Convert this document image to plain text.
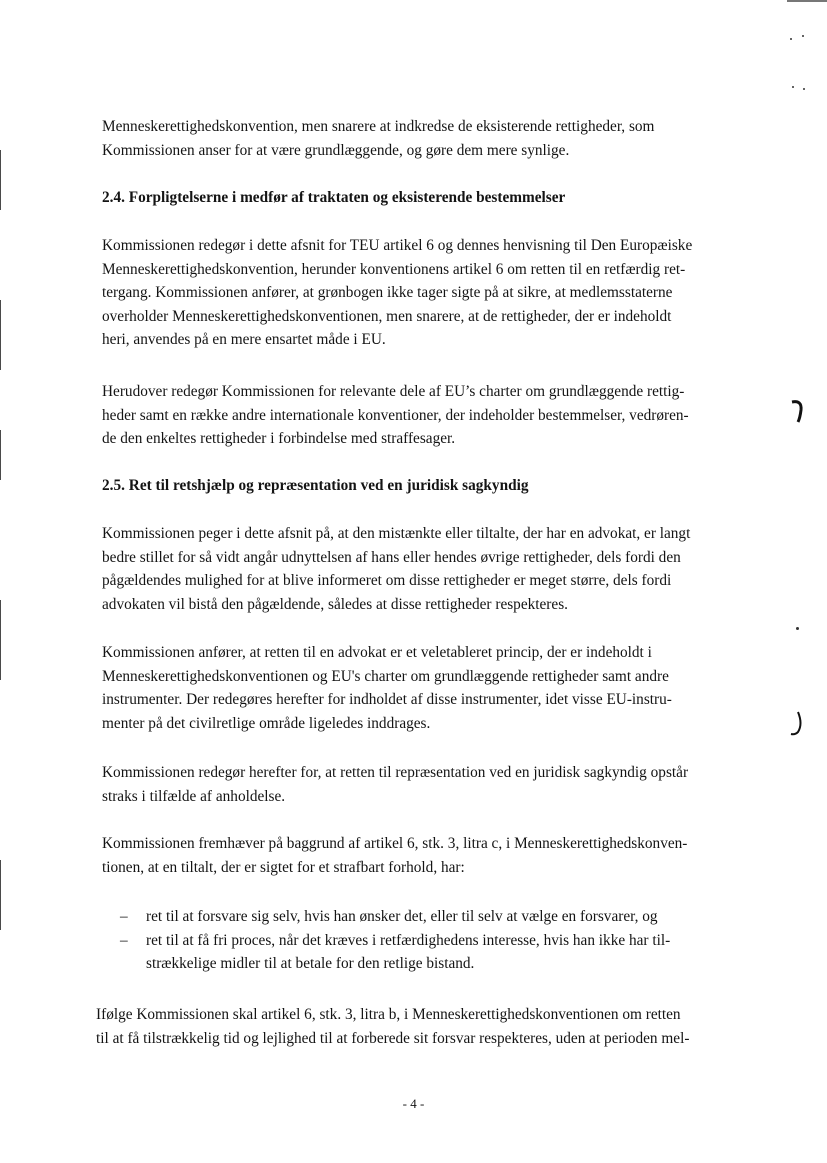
Menneskerettighedskonvention, men snarere at indkredse de eksisterende rettigheder, som
Kommissionen anser for at være grundlæggende, og gøre dem mere synlige.

2.4. Forpligtelserne i medfør af traktaten og eksisterende bestemmelser

Kommissionen redegør i dette afsnit for TEU artikel 6 og dennes henvisning til Den Europæiske
Menneskerettighedskonvention, herunder konventionens artikel 6 om retten til en retfærdig ret-
tergang. Kommissionen anfører, at grønbogen ikke tager sigte på at sikre, at medlemsstaterne
overholder Menneskerettighedskonventionen, men snarere, at de rettigheder, der er indeholdt
heri, anvendes på en mere ensartet måde i EU.

Herudover redegør Kommissionen for relevante dele af EU’s charter om grundlæggende rettig-
heder samt en række andre internationale konventioner, der indeholder bestemmelser, vedrøren-
de den enkeltes rettigheder i forbindelse med straffesager.

2.5. Ret til retshjælp og repræsentation ved en juridisk sagkyndig

Kommissionen peger i dette afsnit på, at den mistænkte eller tiltalte, der har en advokat, er langt
bedre stillet for så vidt angår udnyttelsen af hans eller hendes øvrige rettigheder, dels fordi den
pågældendes mulighed for at blive informeret om disse rettigheder er meget større, dels fordi
advokaten vil bistå den pågældende, således at disse rettigheder respekteres.

Kommissionen anfører, at retten til en advokat er et veletableret princip, der er indeholdt i
Menneskerettighedskonventionen og EU's charter om grundlæggende rettigheder samt andre
instrumenter. Der redegøres herefter for indholdet af disse instrumenter, idet visse EU-instru-
menter på det civilretlige område ligeledes inddrages.

Kommissionen redegør herefter for, at retten til repræsentation ved en juridisk sagkyndig opstår
straks i tilfælde af anholdelse.

Kommissionen fremhæver på baggrund af artikel 6, stk. 3, litra c, i Menneskerettighedskonven-
tionen, at en tiltalt, der er sigtet for et strafbart forhold, har:

– ret til at forsvare sig selv, hvis han ønsker det, eller til selv at vælge en forsvarer, og
– ret til at få fri proces, når det kræves i retfærdighedens interesse, hvis han ikke har til-
strækkelige midler til at betale for den retlige bistand.

Ifølge Kommissionen skal artikel 6, stk. 3, litra b, i Menneskerettighedskonventionen om retten
til at få tilstrækkelig tid og lejlighed til at forberede sit forsvar respekteres, uden at perioden mel-

- 4 -
